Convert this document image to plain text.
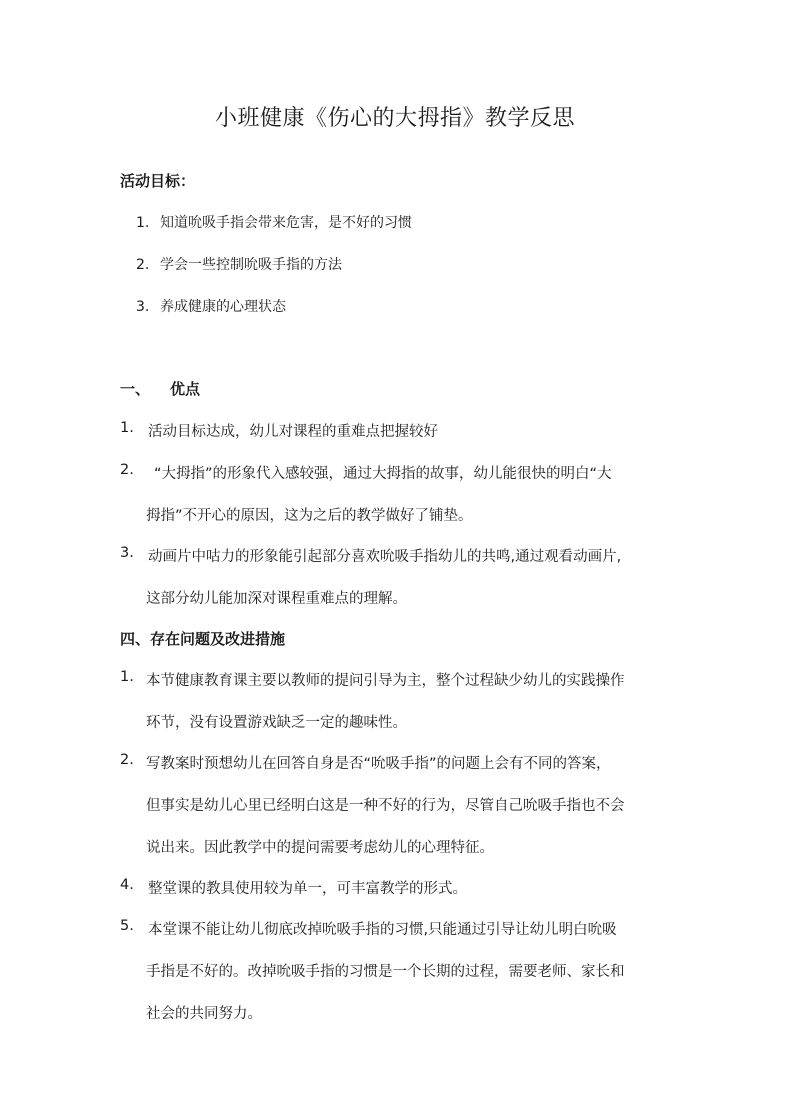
小班健康《伤心的大拇指》教学反思
活动目标：
1. 知道吮吸手指会带来危害，是不好的习惯
2. 学会一些控制吮吸手指的方法
3. 养成健康的心理状态
一、 优点
1. 活动目标达成，幼儿对课程的重难点把握较好
2.	“大拇指”的形象代入感较强，通过大拇指的故事，幼儿能很快的明白“大
拇指”不开心的原因，这为之后的教学做好了铺垫。
3. 动画片中咕力的形象能引起部分喜欢吮吸手指幼儿的共鸣,通过观看动画片,
这部分幼儿能加深对课程重难点的理解。
四、存在问题及改进措施
1. 本节健康教育课主要以教师的提问引导为主，整个过程缺少幼儿的实践操作
环节，没有设置游戏缺乏一定的趣味性。
2. 写教案时预想幼儿在回答自身是否“吮吸手指”的问题上会有不同的答案，
但事实是幼儿心里已经明白这是一种不好的行为，尽管自己吮吸手指也不会
说出来。因此教学中的提问需要考虑幼儿的心理特征。
4. 整堂课的教具使用较为单一，可丰富教学的形式。
5. 本堂课不能让幼儿彻底改掉吮吸手指的习惯,只能通过引导让幼儿明白吮吸
手指是不好的。改掉吮吸手指的习惯是一个长期的过程，需要老师、家长和
社会的共同努力。
